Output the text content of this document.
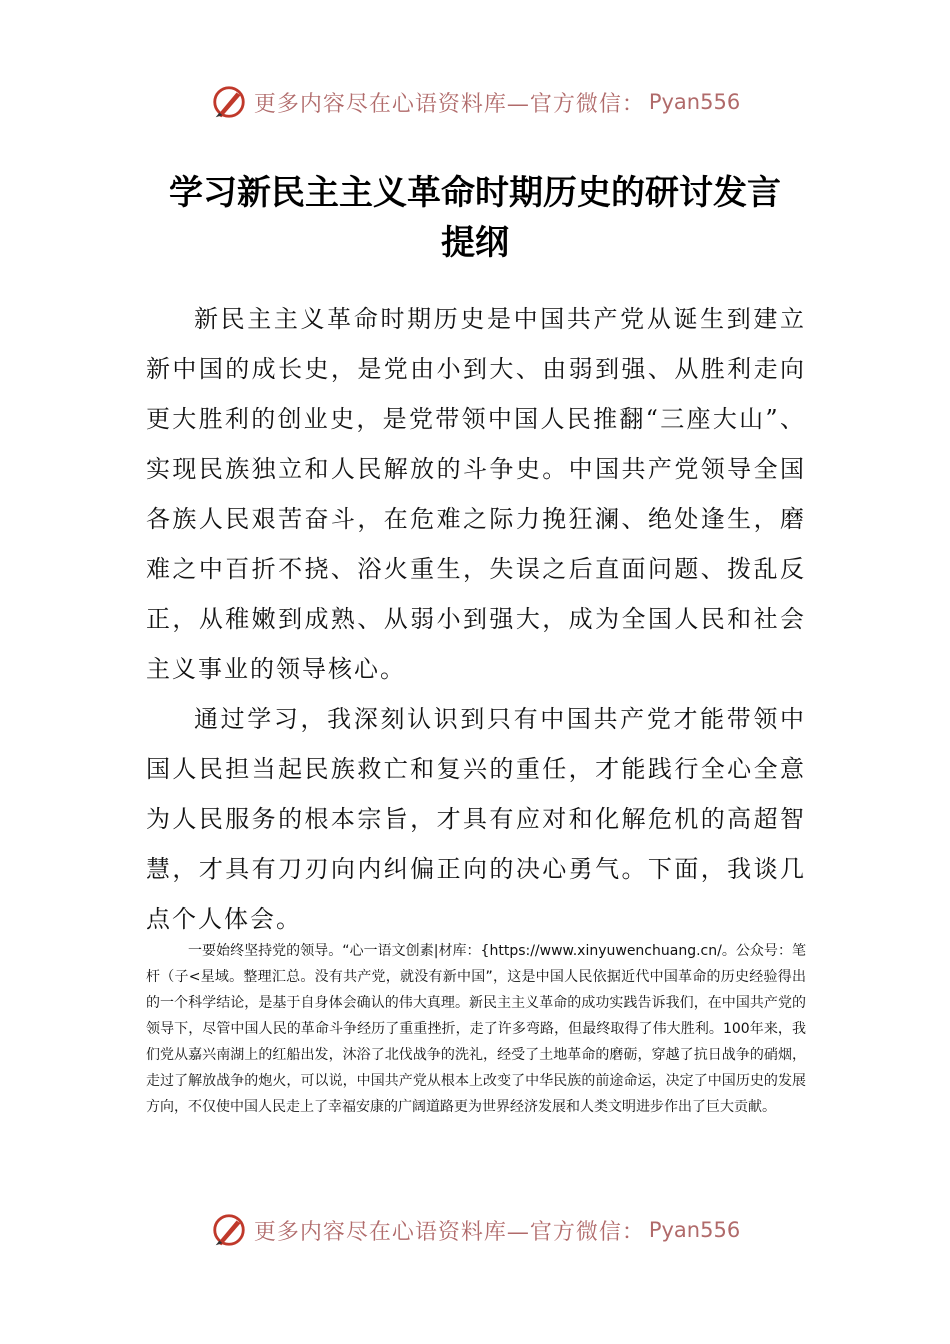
更多内容尽在心语资料库—官方微信： Pyan556
学习新民主主义革命时期历史的研讨发言
提纲

新民主主义革命时期历史是中国共产党从诞生到建立新中国的成长史，是党由小到大、由弱到强、从胜利走向更大胜利的创业史，是党带领中国人民推翻“三座大山”、实现民族独立和人民解放的斗争史。中国共产党领导全国各族人民艰苦奋斗，在危难之际力挽狂澜、绝处逢生，磨难之中百折不挠、浴火重生，失误之后直面问题、拨乱反正，从稚嫩到成熟、从弱小到强大，成为全国人民和社会主义事业的领导核心。

通过学习，我深刻认识到只有中国共产党才能带领中国人民担当起民族救亡和复兴的重任，才能践行全心全意为人民服务的根本宗旨，才具有应对和化解危机的高超智慧，才具有刀刃向内纠偏正向的决心勇气。下面，我谈几点个人体会。

一要始终坚持党的领导。“心一语文创素|材库：{https://www.xinyuwenchuang.cn/。公众号：笔杆（子<星域。整理汇总。没有共产党，就没有新中国”，这是中国人民依据近代中国革命的历史经验得出的一个科学结论，是基于自身体会确认的伟大真理。新民主主义革命的成功实践告诉我们，在中国共产党的领导下，尽管中国人民的革命斗争经历了重重挫折，走了许多弯路，但最终取得了伟大胜利。100年来，我们党从嘉兴南湖上的红船出发，沐浴了北伐战争的洗礼，经受了土地革命的磨砺，穿越了抗日战争的硝烟，走过了解放战争的炮火，可以说，中国共产党从根本上改变了中华民族的前途命运，决定了中国历史的发展方向，不仅使中国人民走上了幸福安康的广阔道路更为世界经济发展和人类文明进步作出了巨大贡献。

更多内容尽在心语资料库—官方微信： Pyan556
